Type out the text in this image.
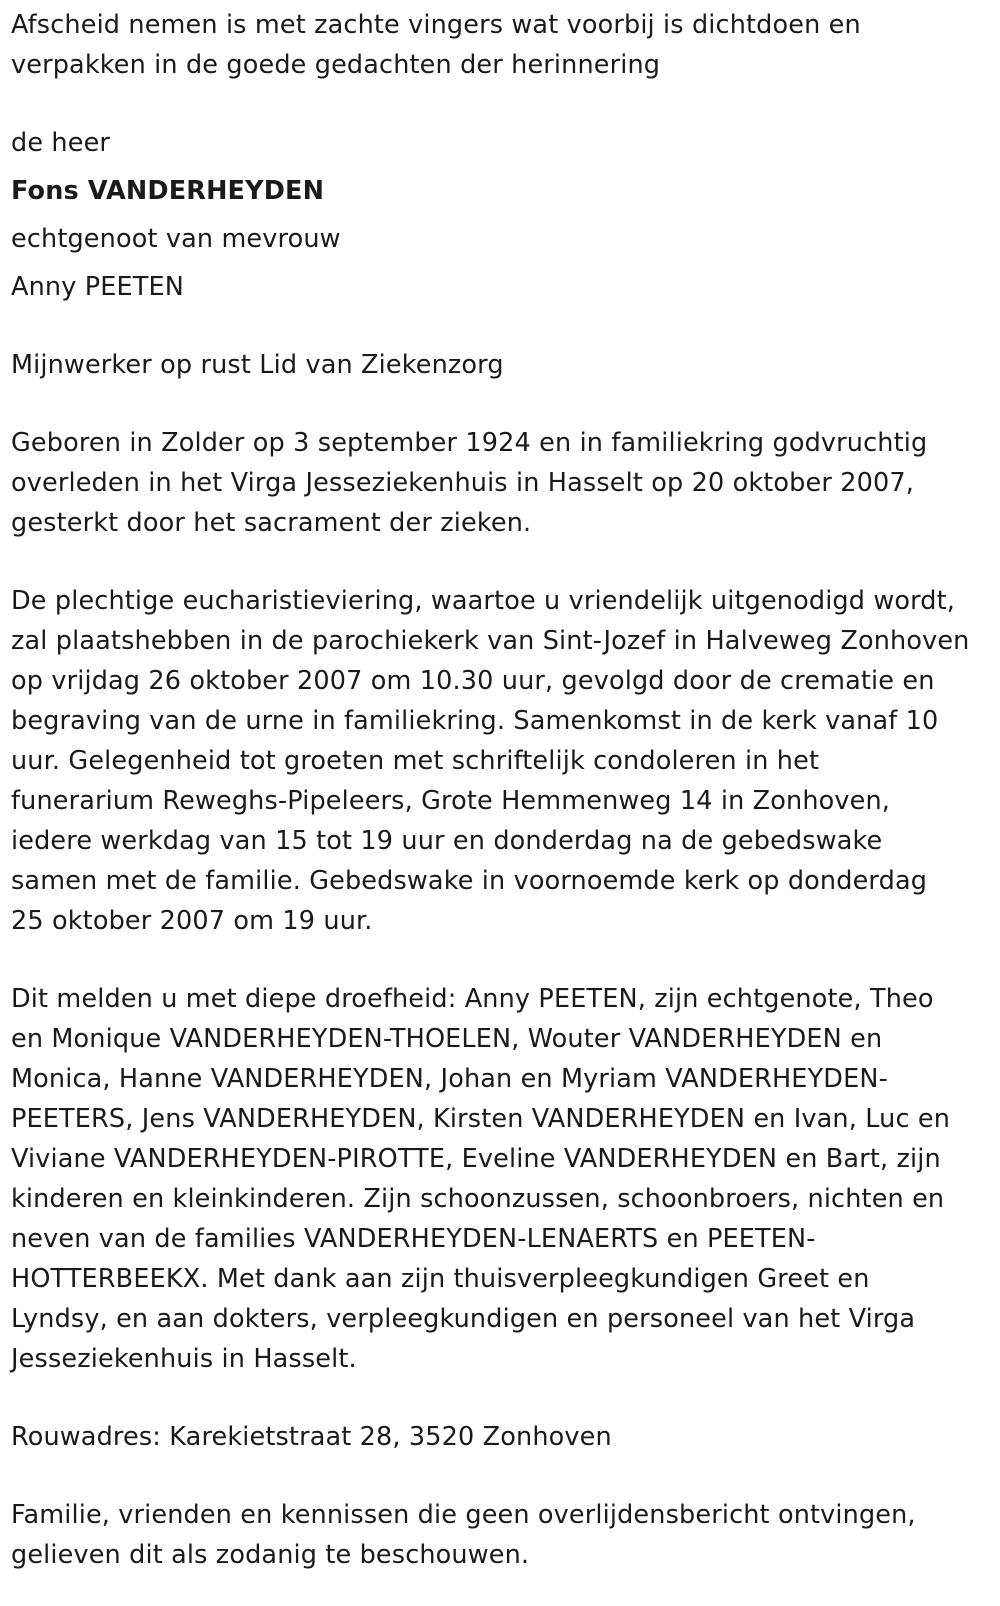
Afscheid nemen is met zachte vingers wat voorbij is dichtdoen en
verpakken in de goede gedachten der herinnering
de heer
Fons VANDERHEYDEN
echtgenoot van mevrouw
Anny PEETEN
Mijnwerker op rust Lid van Ziekenzorg
Geboren in Zolder op 3 september 1924 en in familiekring godvruchtig
overleden in het Virga Jesseziekenhuis in Hasselt op 20 oktober 2007,
gesterkt door het sacrament der zieken.
De plechtige eucharistieviering, waartoe u vriendelijk uitgenodigd wordt,
zal plaatshebben in de parochiekerk van Sint-Jozef in Halveweg Zonhoven
op vrijdag 26 oktober 2007 om 10.30 uur, gevolgd door de crematie en
begraving van de urne in familiekring. Samenkomst in de kerk vanaf 10
uur. Gelegenheid tot groeten met schriftelijk condoleren in het
funerarium Reweghs-Pipeleers, Grote Hemmenweg 14 in Zonhoven,
iedere werkdag van 15 tot 19 uur en donderdag na de gebedswake
samen met de familie. Gebedswake in voornoemde kerk op donderdag
25 oktober 2007 om 19 uur.
Dit melden u met diepe droefheid: Anny PEETEN, zijn echtgenote, Theo
en Monique VANDERHEYDEN-THOELEN, Wouter VANDERHEYDEN en
Monica, Hanne VANDERHEYDEN, Johan en Myriam VANDERHEYDEN-
PEETERS, Jens VANDERHEYDEN, Kirsten VANDERHEYDEN en Ivan, Luc en
Viviane VANDERHEYDEN-PIROTTE, Eveline VANDERHEYDEN en Bart, zijn
kinderen en kleinkinderen. Zijn schoonzussen, schoonbroers, nichten en
neven van de families VANDERHEYDEN-LENAERTS en PEETEN-
HOTTERBEEKX. Met dank aan zijn thuisverpleegkundigen Greet en
Lyndsy, en aan dokters, verpleegkundigen en personeel van het Virga
Jesseziekenhuis in Hasselt.
Rouwadres: Karekietstraat 28, 3520 Zonhoven
Familie, vrienden en kennissen die geen overlijdensbericht ontvingen,
gelieven dit als zodanig te beschouwen.
